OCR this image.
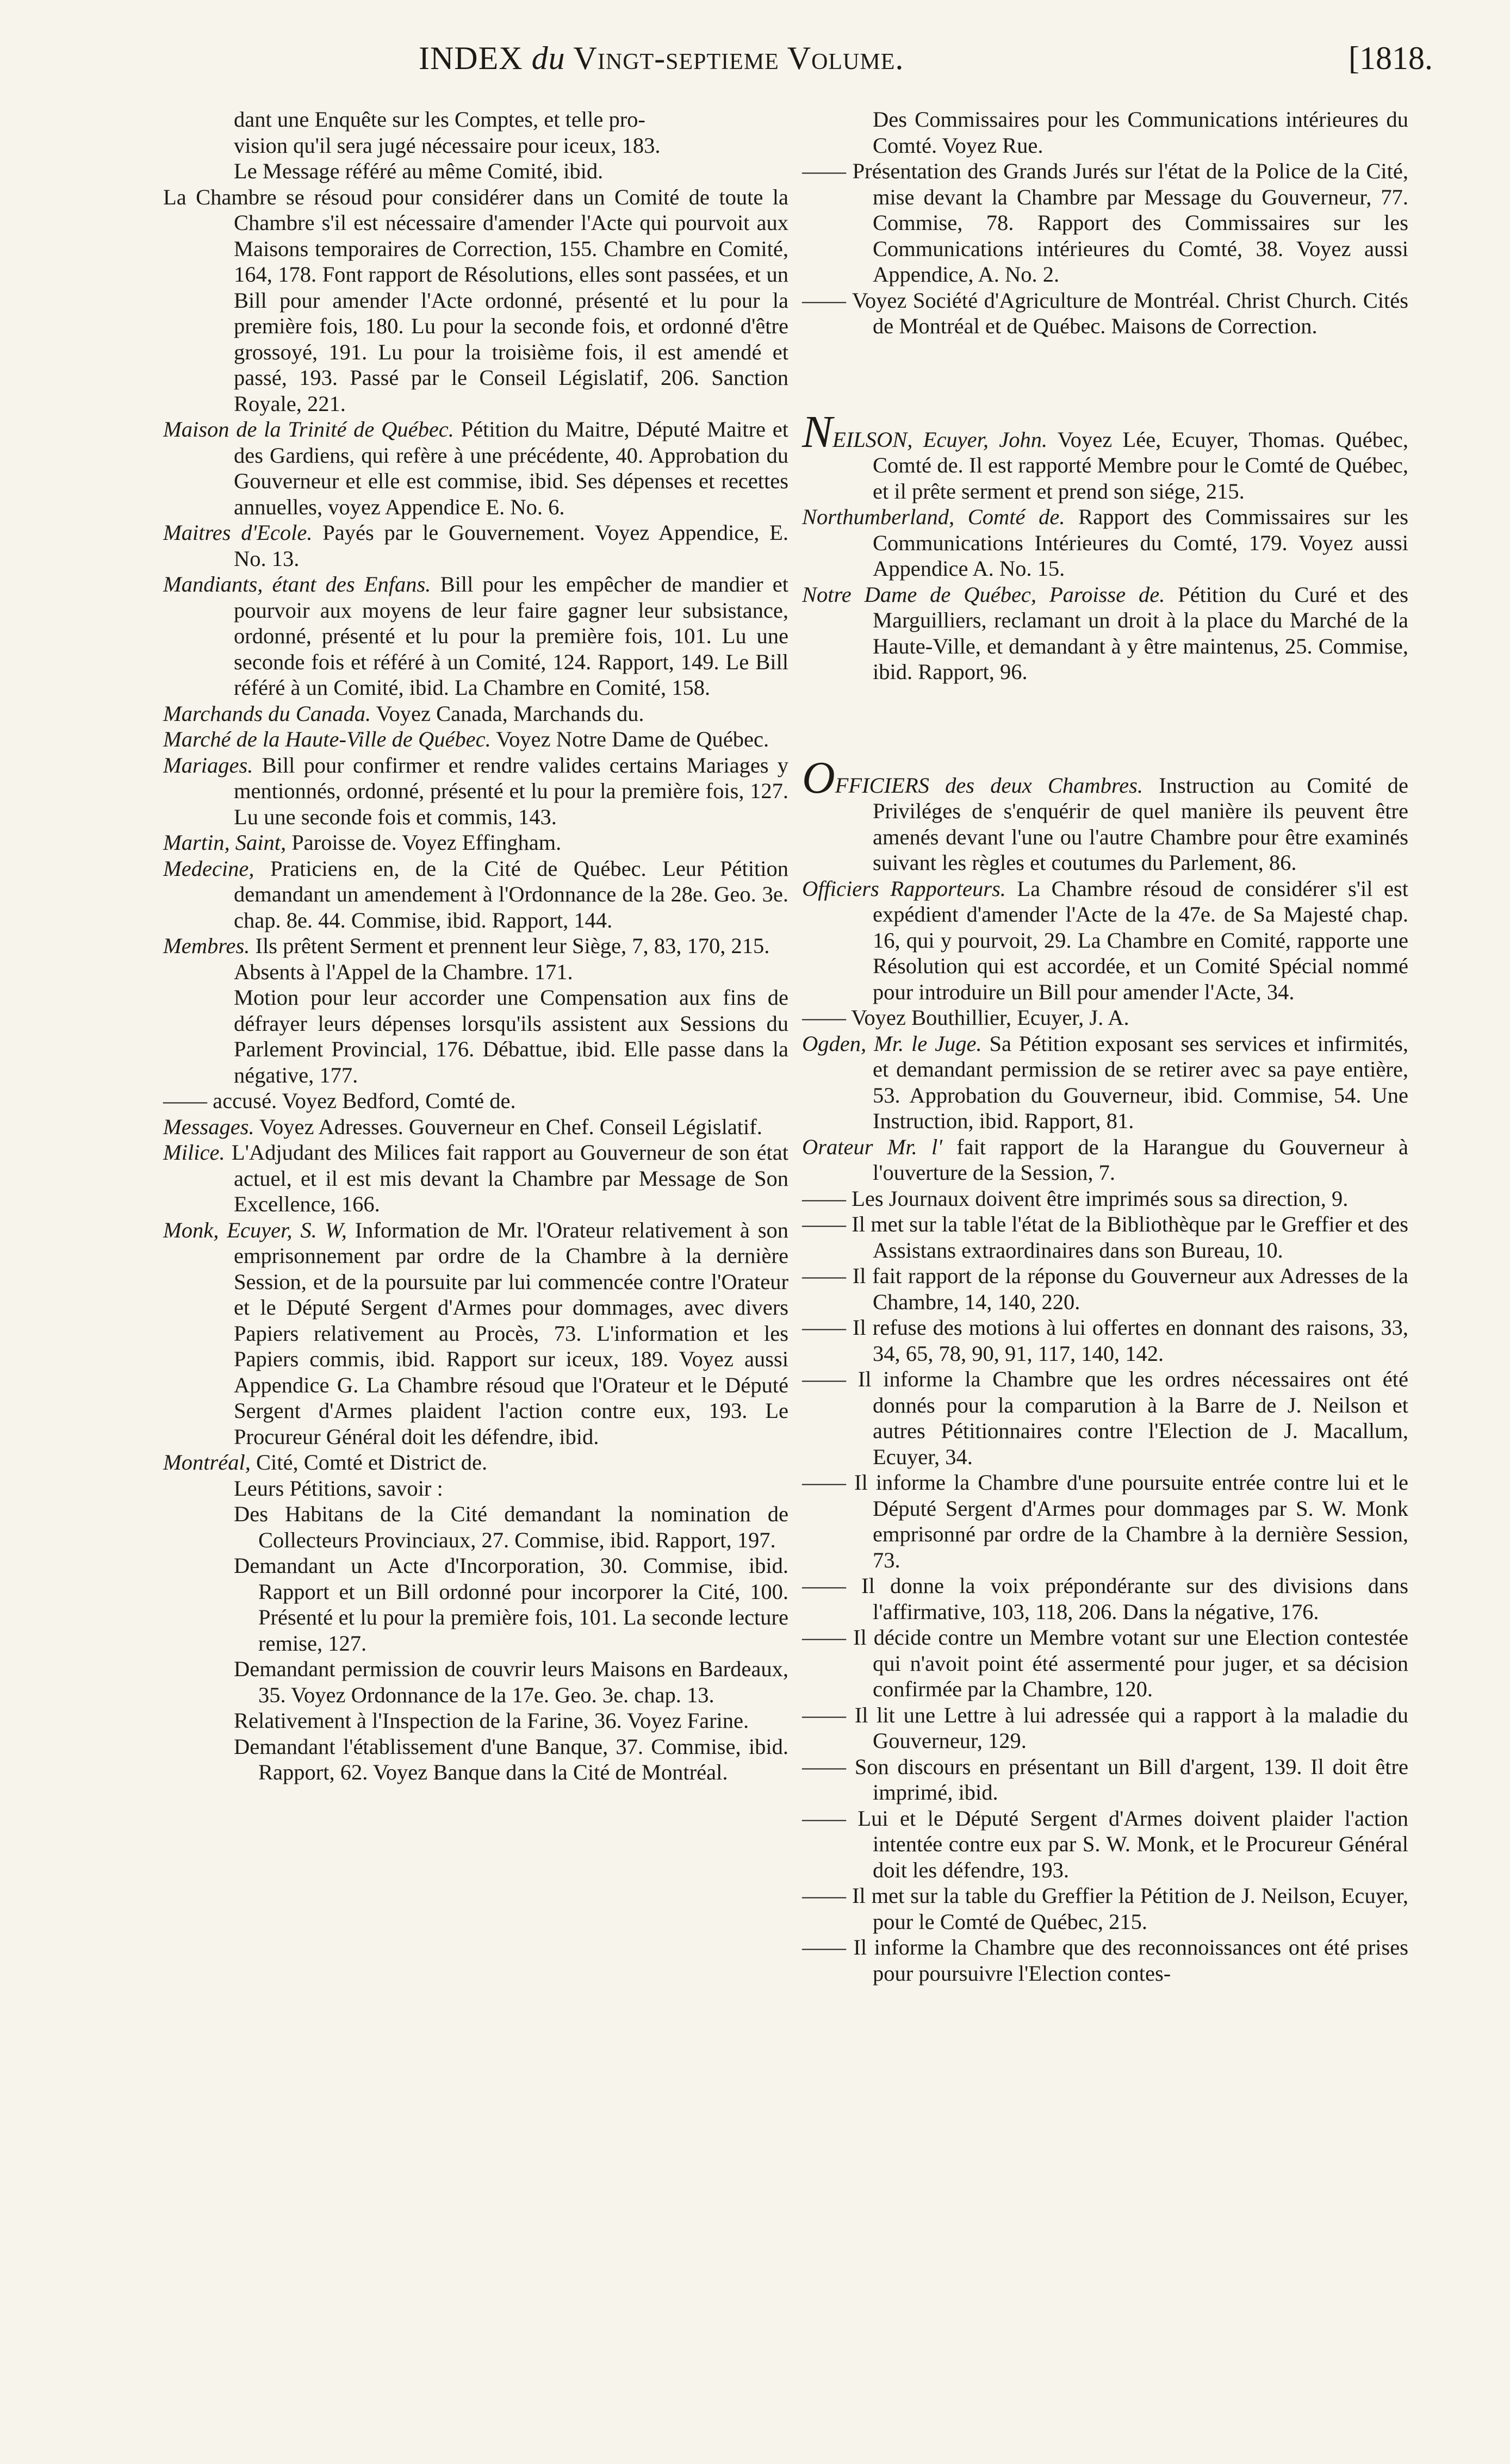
INDEX du Vingt-septieme Volume.	[1818.

dant une Enquête sur les Comptes, et telle pro-

vision qu'il sera jugé nécessaire pour iceux, 183.

Le Message référé au même Comité, ibid.

La Chambre se résoud pour considérer dans un Comité de toute la Chambre s'il est nécessaire d'amender l'Acte qui pourvoit aux Maisons temporaires de Correction, 155. Chambre en Comité, 164, 178. Font rapport de Résolutions, elles sont passées, et un Bill pour amender l'Acte ordonné, présenté et lu pour la première fois, 180. Lu pour la seconde fois, et ordonné d'être grossoyé, 191. Lu pour la troisième fois, il est amendé et passé, 193. Passé par le Conseil Législatif, 206. Sanction Royale, 221.

Maison de la Trinité de Québec. Pétition du Maitre, Député Maitre et des Gardiens, qui refère à une précédente, 40. Approbation du Gouverneur et elle est commise, ibid. Ses dépenses et recettes annuelles, voyez Appendice E. No. 6.

Maitres d'Ecole. Payés par le Gouvernement. Voyez Appendice, E. No. 13.

Mandiants, étant des Enfans. Bill pour les empêcher de mandier et pourvoir aux moyens de leur faire gagner leur subsistance, ordonné, présenté et lu pour la première fois, 101. Lu une seconde fois et référé à un Comité, 124. Rapport, 149. Le Bill référé à un Comité, ibid. La Chambre en Comité, 158.

Marchands du Canada. Voyez Canada, Marchands du.

Marché de la Haute-Ville de Québec. Voyez Notre Dame de Québec.

Mariages. Bill pour confirmer et rendre valides certains Mariages y mentionnés, ordonné, présenté et lu pour la première fois, 127. Lu une seconde fois et commis, 143.

Martin, Saint, Paroisse de. Voyez Effingham.

Medecine, Praticiens en, de la Cité de Québec. Leur Pétition demandant un amendement à l'Ordonnance de la 28e. Geo. 3e. chap. 8e. 44. Commise, ibid. Rapport, 144.

Membres. Ils prêtent Serment et prennent leur Siège, 7, 83, 170, 215.

Absents à l'Appel de la Chambre. 171.

Motion pour leur accorder une Compensation aux fins de défrayer leurs dépenses lorsqu'ils assistent aux Sessions du Parlement Provincial, 176. Débattue, ibid. Elle passe dans la négative, 177.

—— accusé. Voyez Bedford, Comté de.

Messages. Voyez Adresses. Gouverneur en Chef. Conseil Législatif.

Milice. L'Adjudant des Milices fait rapport au Gouverneur de son état actuel, et il est mis devant la Chambre par Message de Son Excellence, 166.

Monk, Ecuyer, S. W, Information de Mr. l'Orateur relativement à son emprisonnement par ordre de la Chambre à la dernière Session, et de la poursuite par lui commencée contre l'Orateur et le Député Sergent d'Armes pour dommages, avec divers Papiers relativement au Procès, 73. L'information et les Papiers commis, ibid. Rapport sur iceux, 189. Voyez aussi Appendice G. La Chambre résoud que l'Orateur et le Député Sergent d'Armes plaident l'action contre eux, 193. Le Procureur Général doit les défendre, ibid.

Montréal, Cité, Comté et District de.

Leurs Pétitions, savoir :

Des Habitans de la Cité demandant la nomination de Collecteurs Provinciaux, 27. Commise, ibid. Rapport, 197.

Demandant un Acte d'Incorporation, 30. Commise, ibid. Rapport et un Bill ordonné pour incorporer la Cité, 100. Présenté et lu pour la première fois, 101. La seconde lecture remise, 127.

Demandant permission de couvrir leurs Maisons en Bardeaux, 35. Voyez Ordonnance de la 17e. Geo. 3e. chap. 13.

Relativement à l'Inspection de la Farine, 36. Voyez Farine.

Demandant l'établissement d'une Banque, 37. Commise, ibid. Rapport, 62. Voyez Banque dans la Cité de Montréal.

Des Commissaires pour les Communications intérieures du Comté. Voyez Rue.

—— Présentation des Grands Jurés sur l'état de la Police de la Cité, mise devant la Chambre par Message du Gouverneur, 77. Commise, 78. Rapport des Commissaires sur les Communications intérieures du Comté, 38. Voyez aussi Appendice, A. No. 2.

—— Voyez Société d'Agriculture de Montréal. Christ Church. Cités de Montréal et de Québec. Maisons de Correction.

NEILSON, Ecuyer, John. Voyez Lée, Ecuyer, Thomas. Québec, Comté de. Il est rapporté Membre pour le Comté de Québec, et il prête serment et prend son siége, 215.

Northumberland, Comté de. Rapport des Commissaires sur les Communications Intérieures du Comté, 179. Voyez aussi Appendice A. No. 15.

Notre Dame de Québec, Paroisse de. Pétition du Curé et des Marguilliers, reclamant un droit à la place du Marché de la Haute-Ville, et demandant à y être maintenus, 25. Commise, ibid. Rapport, 96.

OFFICIERS des deux Chambres. Instruction au Comité de Priviléges de s'enquérir de quel manière ils peuvent être amenés devant l'une ou l'autre Chambre pour être examinés suivant les règles et coutumes du Parlement, 86.

Officiers Rapporteurs. La Chambre résoud de considérer s'il est expédient d'amender l'Acte de la 47e. de Sa Majesté chap. 16, qui y pourvoit, 29. La Chambre en Comité, rapporte une Résolution qui est accordée, et un Comité Spécial nommé pour introduire un Bill pour amender l'Acte, 34.

—— Voyez Bouthillier, Ecuyer, J. A.

Ogden, Mr. le Juge. Sa Pétition exposant ses services et infirmités, et demandant permission de se retirer avec sa paye entière, 53. Approbation du Gouverneur, ibid. Commise, 54. Une Instruction, ibid. Rapport, 81.

Orateur Mr. l' fait rapport de la Harangue du Gouverneur à l'ouverture de la Session, 7.

—— Les Journaux doivent être imprimés sous sa direction, 9.

—— Il met sur la table l'état de la Bibliothèque par le Greffier et des Assistans extraordinaires dans son Bureau, 10.

—— Il fait rapport de la réponse du Gouverneur aux Adresses de la Chambre, 14, 140, 220.

—— Il refuse des motions à lui offertes en donnant des raisons, 33, 34, 65, 78, 90, 91, 117, 140, 142.

—— Il informe la Chambre que les ordres nécessaires ont été donnés pour la comparution à la Barre de J. Neilson et autres Pétitionnaires contre l'Election de J. Macallum, Ecuyer, 34.

—— Il informe la Chambre d'une poursuite entrée contre lui et le Député Sergent d'Armes pour dommages par S. W. Monk emprisonné par ordre de la Chambre à la dernière Session, 73.

—— Il donne la voix prépondérante sur des divisions dans l'affirmative, 103, 118, 206. Dans la négative, 176.

—— Il décide contre un Membre votant sur une Election contestée qui n'avoit point été assermenté pour juger, et sa décision confirmée par la Chambre, 120.

—— Il lit une Lettre à lui adressée qui a rapport à la maladie du Gouverneur, 129.

—— Son discours en présentant un Bill d'argent, 139. Il doit être imprimé, ibid.

—— Lui et le Député Sergent d'Armes doivent plaider l'action intentée contre eux par S. W. Monk, et le Procureur Général doit les défendre, 193.

—— Il met sur la table du Greffier la Pétition de J. Neilson, Ecuyer, pour le Comté de Québec, 215.

—— Il informe la Chambre que des reconnoissances ont été prises pour poursuivre l'Election contes-
